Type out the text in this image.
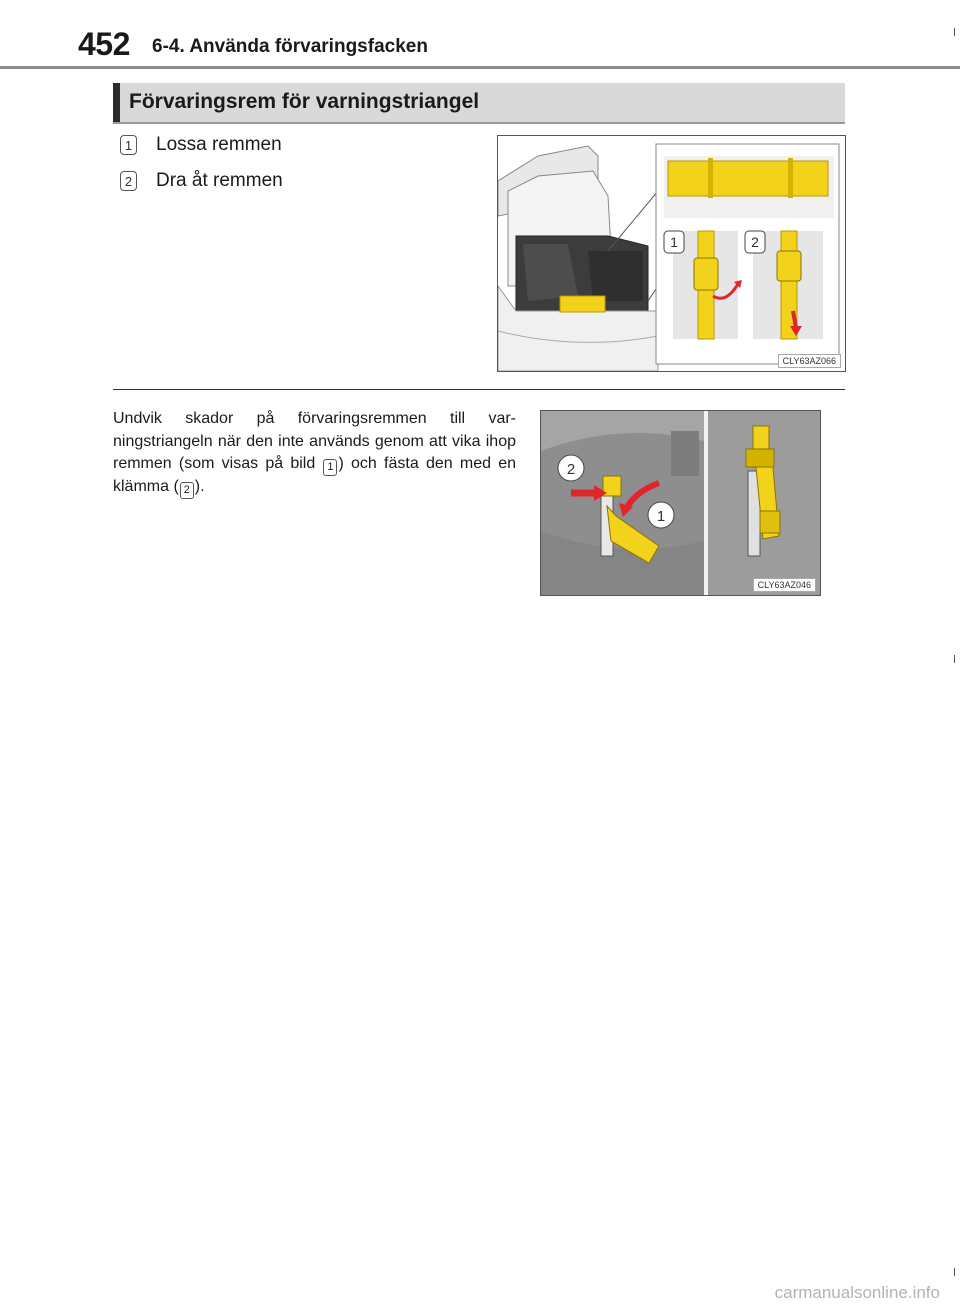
452 6-4. Använda förvaringsfacken
Förvaringsrem för varningstriangel
1 Lossa remmen
2 Dra åt remmen
1	2
CLY63AZ066
Undvik skador på förvaringsremmen till var-ningstriangeln när den inte används genom att vika ihop remmen (som visas på bild 1 ) och fästa den med en klämma ( 2 ).
2
1
CLY63AZ046
carmanualsonline.info
